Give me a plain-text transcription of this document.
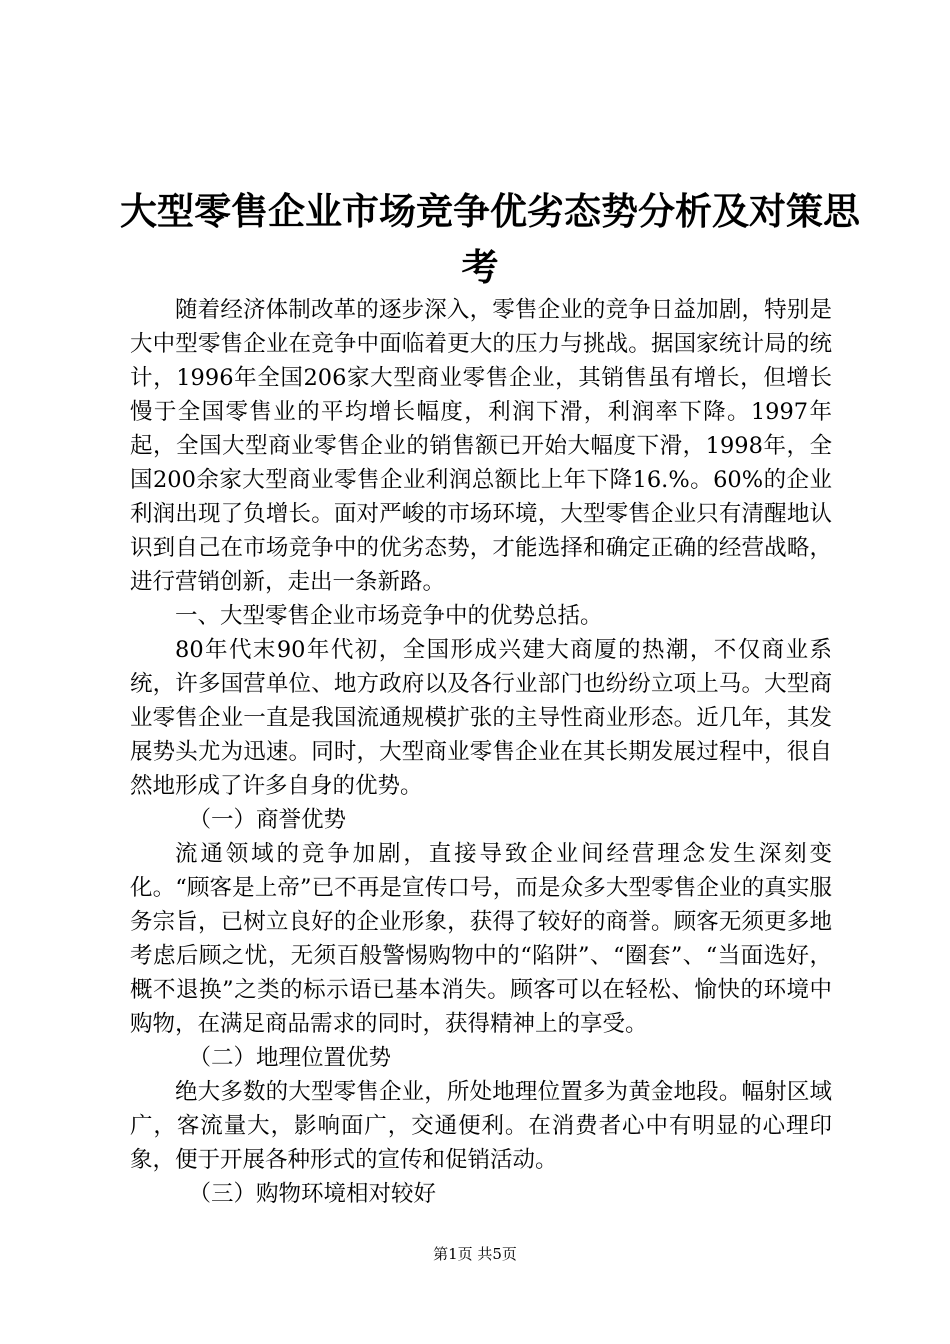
大型零售企业市场竞争优劣态势分析及对策思
考

随着经济体制改革的逐步深入，零售企业的竞争日益加剧，特别是大中型零售企业在竞争中面临着更大的压力与挑战。据国家统计局的统计，1996年全国206家大型商业零售企业，其销售虽有增长，但增长慢于全国零售业的平均增长幅度，利润下滑，利润率下降。1997年起，全国大型商业零售企业的销售额已开始大幅度下滑，1998年，全国200余家大型商业零售企业利润总额比上年下降16.%。60%的企业利润出现了负增长。面对严峻的市场环境，大型零售企业只有清醒地认识到自己在市场竞争中的优劣态势，才能选择和确定正确的经营战略，进行营销创新，走出一条新路。

一、大型零售企业市场竞争中的优势总括。

80年代末90年代初，全国形成兴建大商厦的热潮，不仅商业系统，许多国营单位、地方政府以及各行业部门也纷纷立项上马。大型商业零售企业一直是我国流通规模扩张的主导性商业形态。近几年，其发展势头尤为迅速。同时，大型商业零售企业在其长期发展过程中，很自然地形成了许多自身的优势。

（一）商誉优势

流通领域的竞争加剧，直接导致企业间经营理念发生深刻变化。“顾客是上帝”已不再是宣传口号，而是众多大型零售企业的真实服务宗旨，已树立良好的企业形象，获得了较好的商誉。顾客无须更多地考虑后顾之忧，无须百般警惕购物中的“陷阱”、“圈套”、“当面选好，概不退换”之类的标示语已基本消失。顾客可以在轻松、愉快的环境中购物，在满足商品需求的同时，获得精神上的享受。

（二）地理位置优势

绝大多数的大型零售企业，所处地理位置多为黄金地段。幅射区域广，客流量大，影响面广，交通便利。在消费者心中有明显的心理印象，便于开展各种形式的宣传和促销活动。

（三）购物环境相对较好

第1页 共5页
